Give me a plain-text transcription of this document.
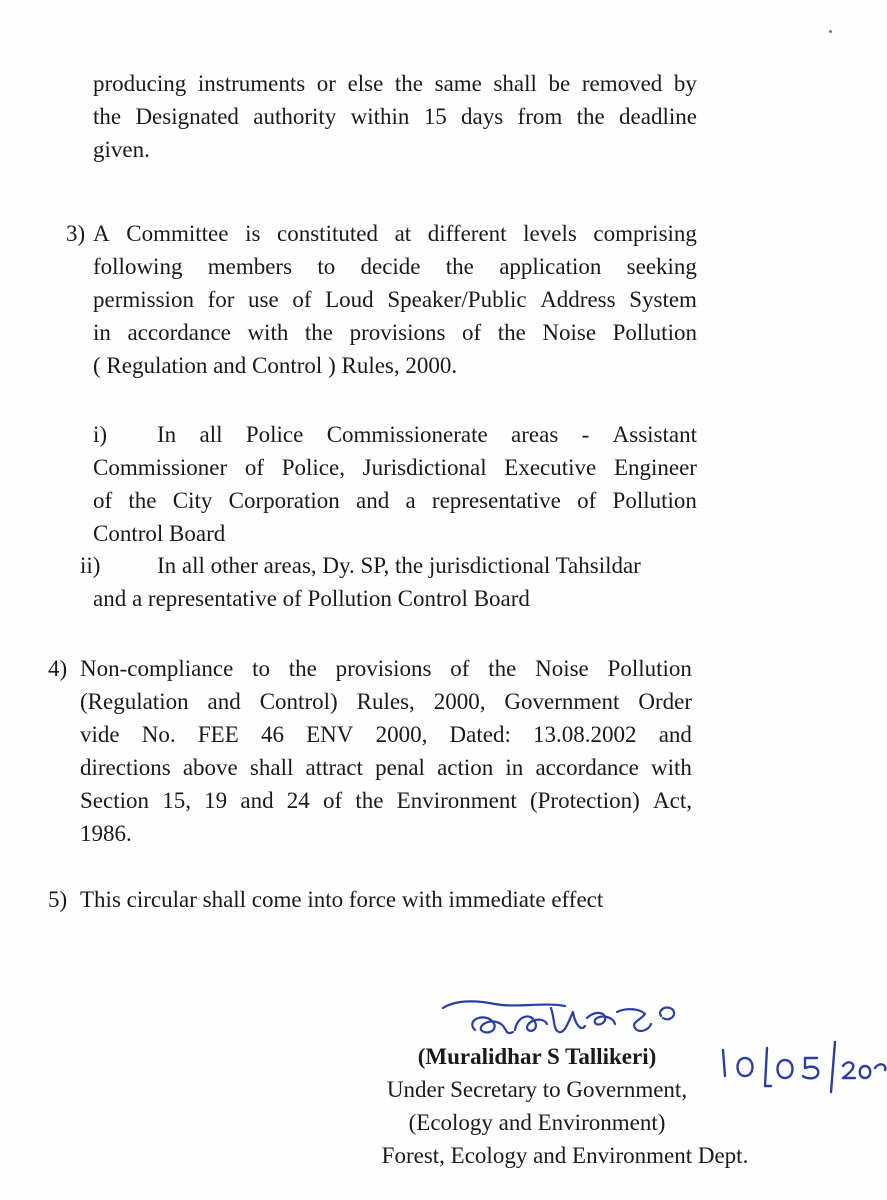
producing instruments or else the same shall be removed by
the Designated authority within 15 days from the deadline
given.
3) A Committee is constituted at different levels comprising
following members to decide the application seeking
permission for use of Loud Speaker/Public Address System
in accordance with the provisions of the Noise Pollution
( Regulation and Control ) Rules, 2000.
i) In all Police Commissionerate areas - Assistant
Commissioner of Police, Jurisdictional Executive Engineer
of the City Corporation and a representative of Pollution
Control Board
ii)	In all other areas, Dy. SP, the jurisdictional Tahsildar
and a representative of Pollution Control Board
4) Non-compliance to the provisions of the Noise Pollution
(Regulation and Control) Rules, 2000, Government Order
vide No. FEE 46 ENV 2000, Dated: 13.08.2002 and
directions above shall attract penal action in accordance with
Section 15, 19 and 24 of the Environment (Protection) Act,
1986.
5) This circular shall come into force with immediate effect
(Muralidhar S Tallikeri)
Under Secretary to Government,
(Ecology and Environment)
Forest, Ecology and Environment Dept.
